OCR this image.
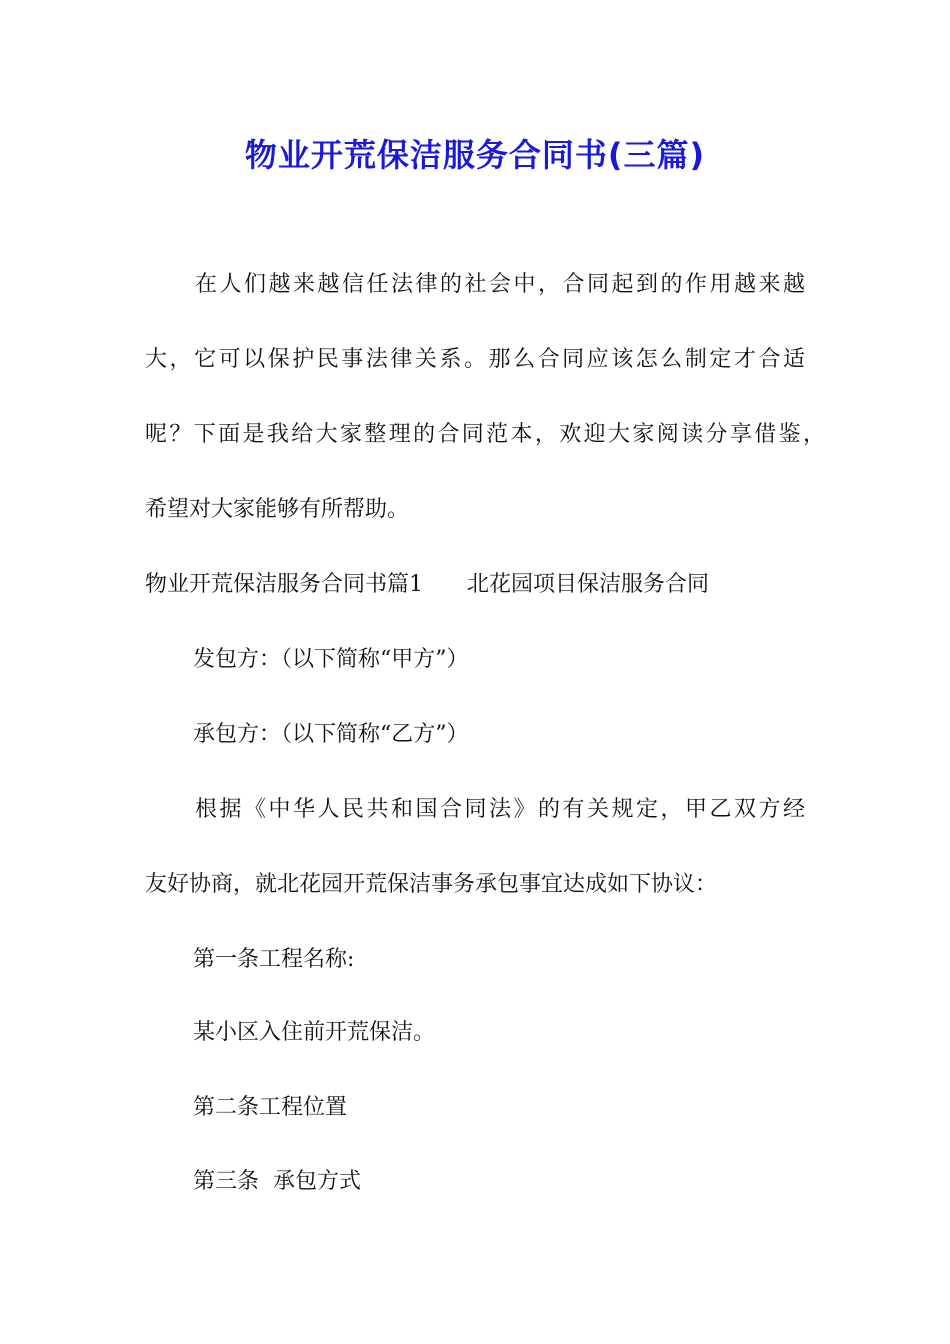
物业开荒保洁服务合同书(三篇)

在人们越来越信任法律的社会中，合同起到的作用越来越

大，它可以保护民事法律关系。那么合同应该怎么制定才合适

呢？下面是我给大家整理的合同范本，欢迎大家阅读分享借鉴，

希望对大家能够有所帮助。

物业开荒保洁服务合同书篇1 北花园项目保洁服务合同

发包方：（以下简称“甲方”）

承包方：（以下简称“乙方”）

根据《中华人民共和国合同法》的有关规定，甲乙双方经

友好协商，就北花园开荒保洁事务承包事宜达成如下协议：

第一条工程名称:

某小区入住前开荒保洁。

第二条工程位置

第三条  承包方式
